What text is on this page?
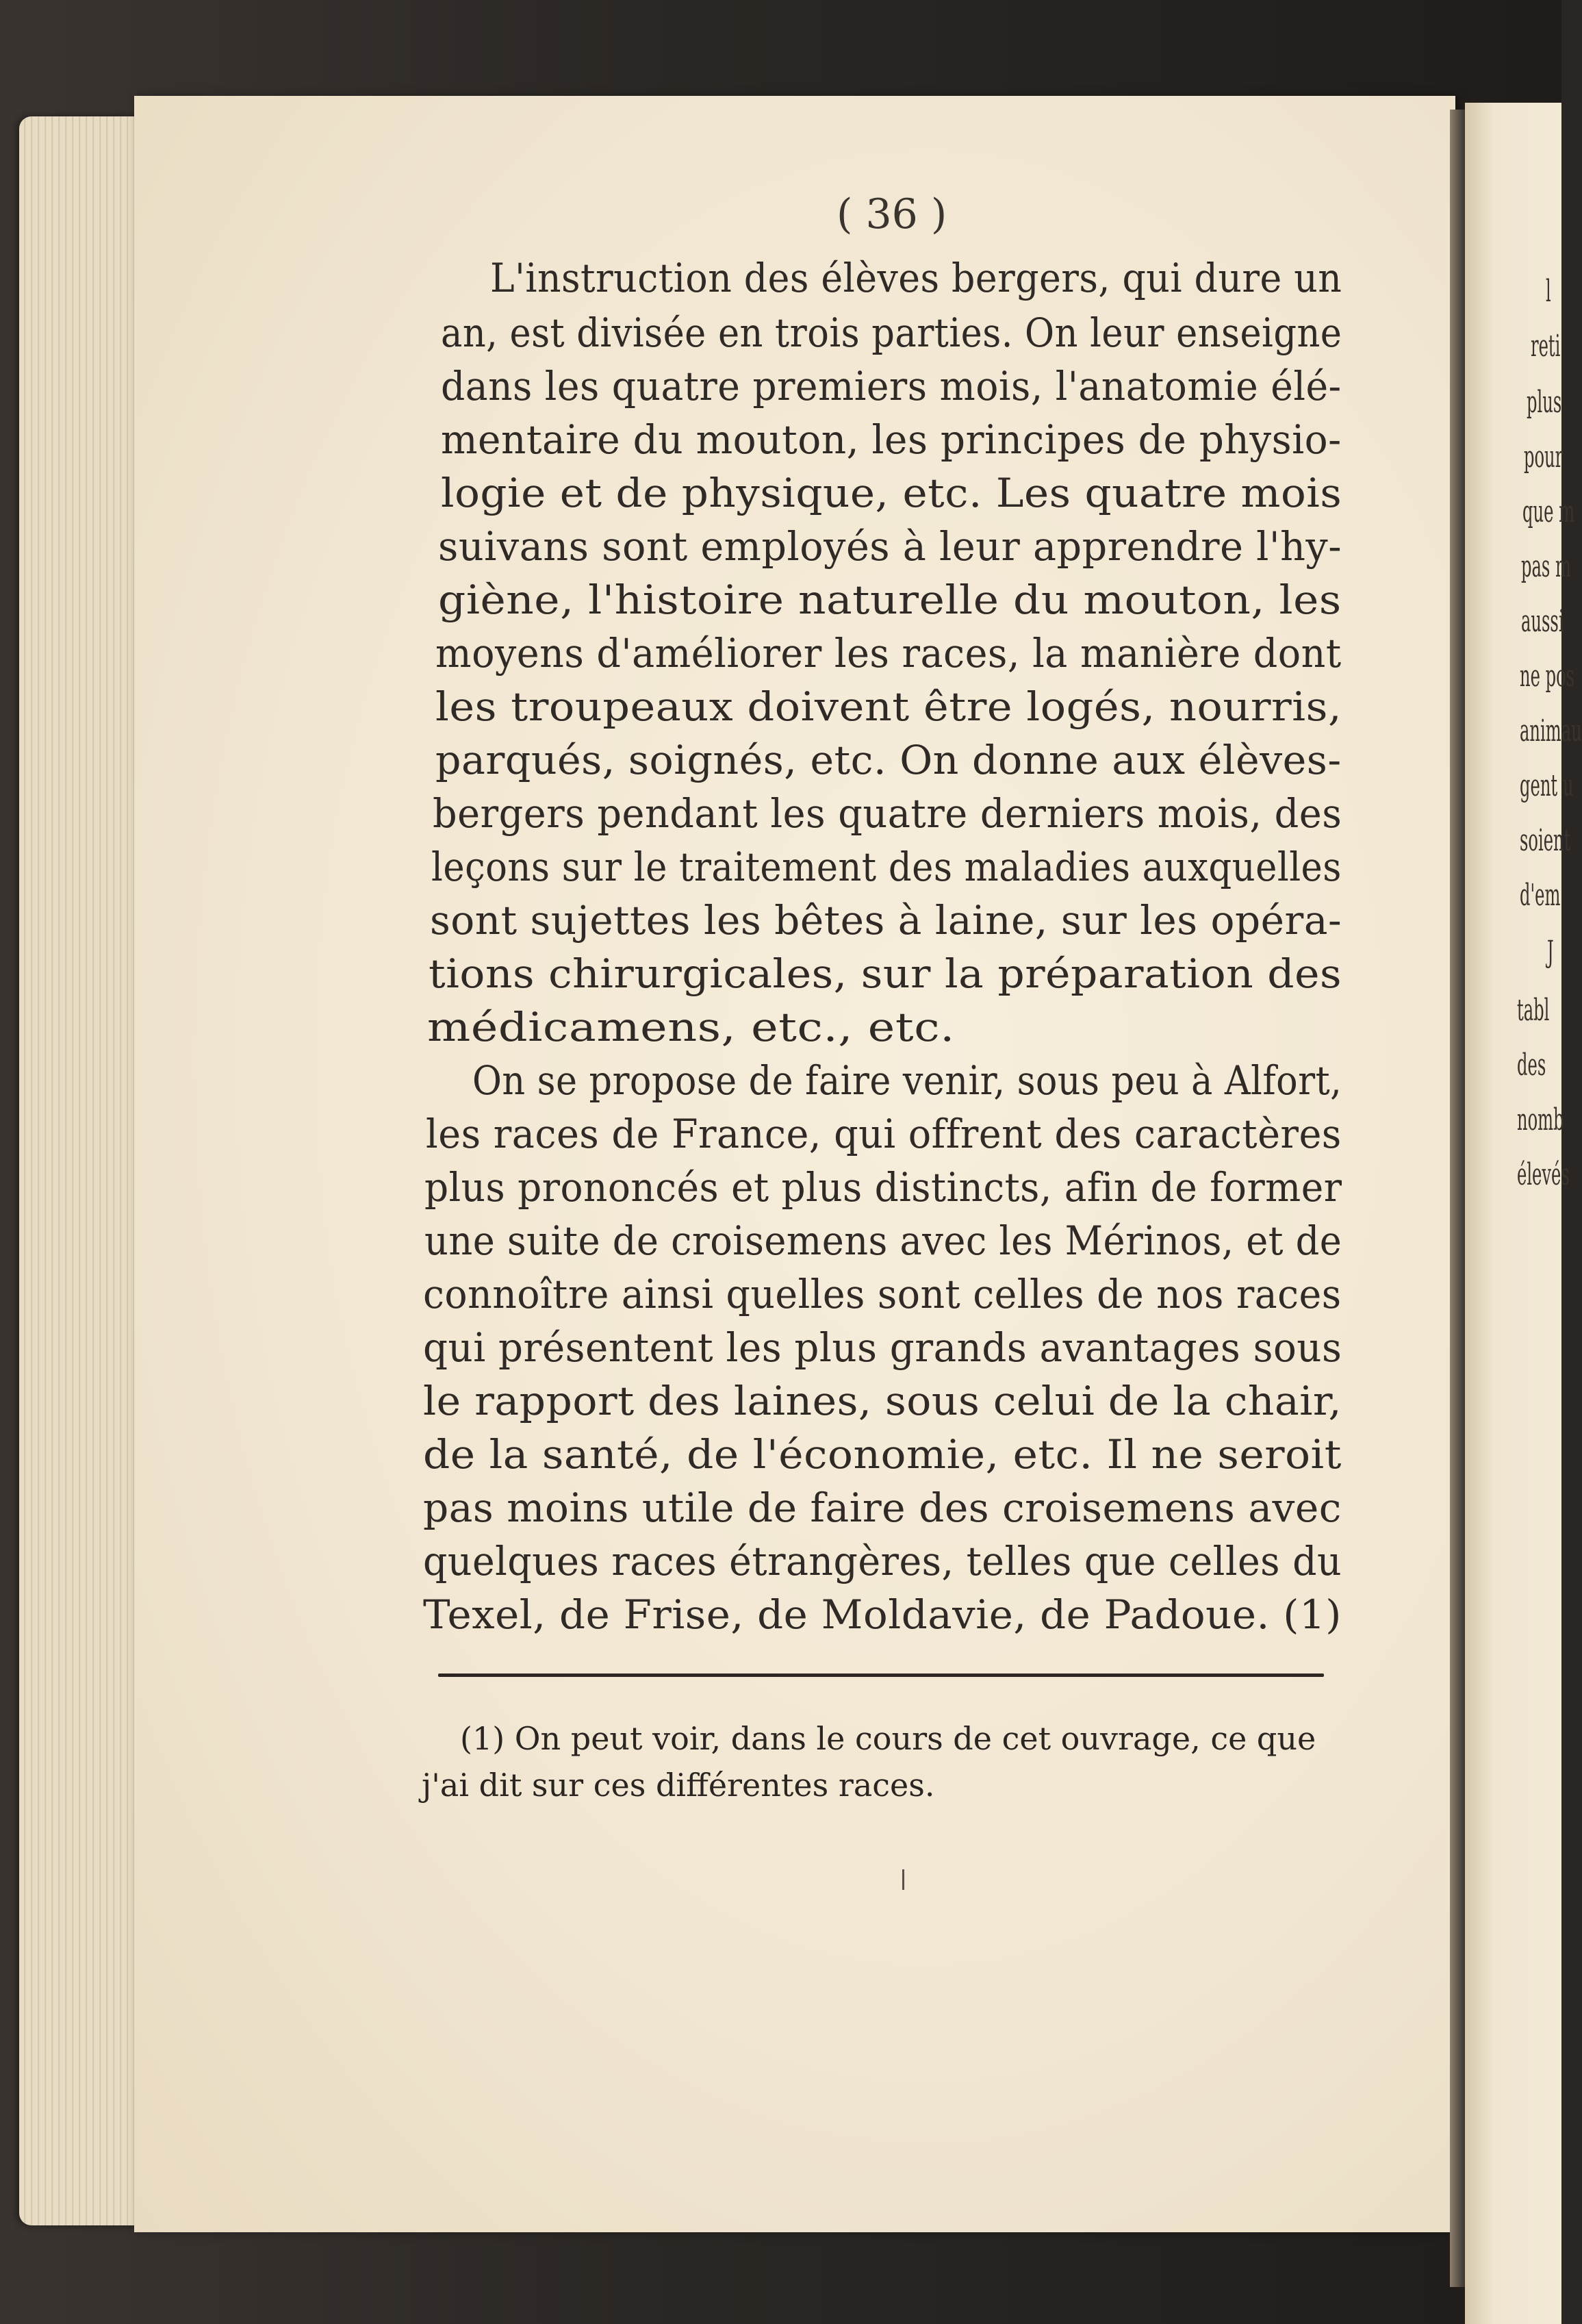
l
reti
plus
pour
que m
pas m
aussi
ne pos
animau
gent u
soient
d'em
J
tabl
des
nomb
élevés
( 36 )
L'instruction des élèves bergers, qui dure un
an, est divisée en trois parties. On leur enseigne
dans les quatre premiers mois, l'anatomie élé-
mentaire du mouton, les principes de physio-
logie et de physique, etc. Les quatre mois
suivans sont employés à leur apprendre l'hy-
giène, l'histoire naturelle du mouton, les
moyens d'améliorer les races, la manière dont
les troupeaux doivent être logés, nourris,
parqués, soignés, etc. On donne aux élèves-
bergers pendant les quatre derniers mois, des
leçons sur le traitement des maladies auxquelles
sont sujettes les bêtes à laine, sur les opéra-
tions chirurgicales, sur la préparation des
médicamens, etc., etc.
On se propose de faire venir, sous peu à Alfort,
les races de France, qui offrent des caractères
plus prononcés et plus distincts, afin de former
une suite de croisemens avec les Mérinos, et de
connoître ainsi quelles sont celles de nos races
qui présentent les plus grands avantages sous
le rapport des laines, sous celui de la chair,
de la santé, de l'économie, etc. Il ne seroit
pas moins utile de faire des croisemens avec
quelques races étrangères, telles que celles du
Texel, de Frise, de Moldavie, de Padoue. (1)
(1) On peut voir, dans le cours de cet ouvrage, ce que
j'ai dit sur ces différentes races.
